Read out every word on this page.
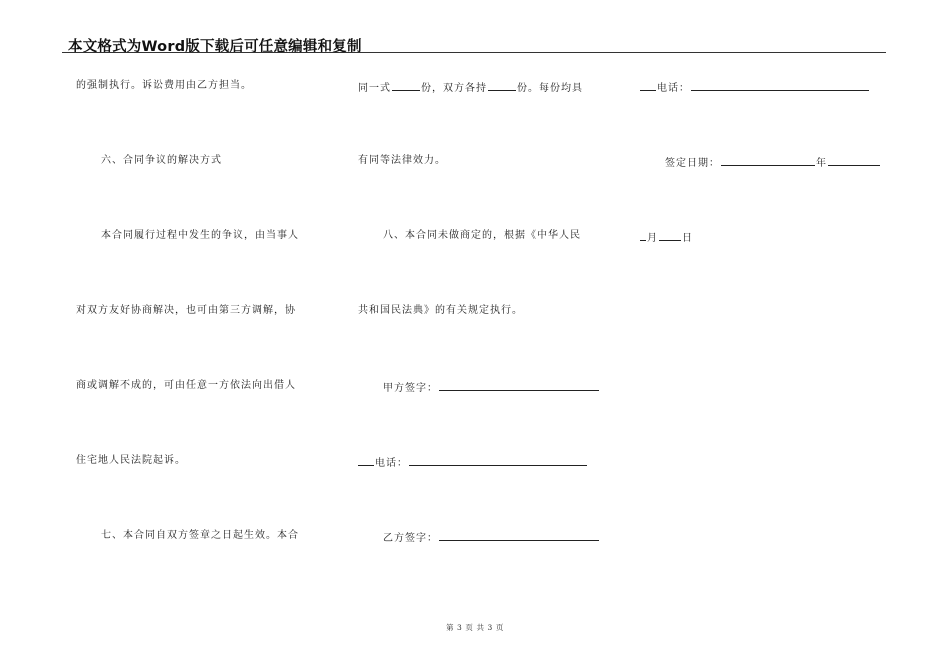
本文格式为Word版下载后可任意编辑和复制
的强制执行。诉讼费用由乙方担当。
六、合同争议的解决方式
本合同履行过程中发生的争议，由当事人
对双方友好协商解决，也可由第三方调解，协
商或调解不成的，可由任意一方依法向出借人
住宅地人民法院起诉。
七、本合同自双方签章之日起生效。本合
同一式	份，双方各持	份。每份均具
有同等法律效力。
八、本合同未做商定的，根据《中华人民
共和国民法典》的有关规定执行。
甲方签字：
电话：
乙方签字：
电话：
签定日期：	年
月 日
第 3 页 共 3 页
